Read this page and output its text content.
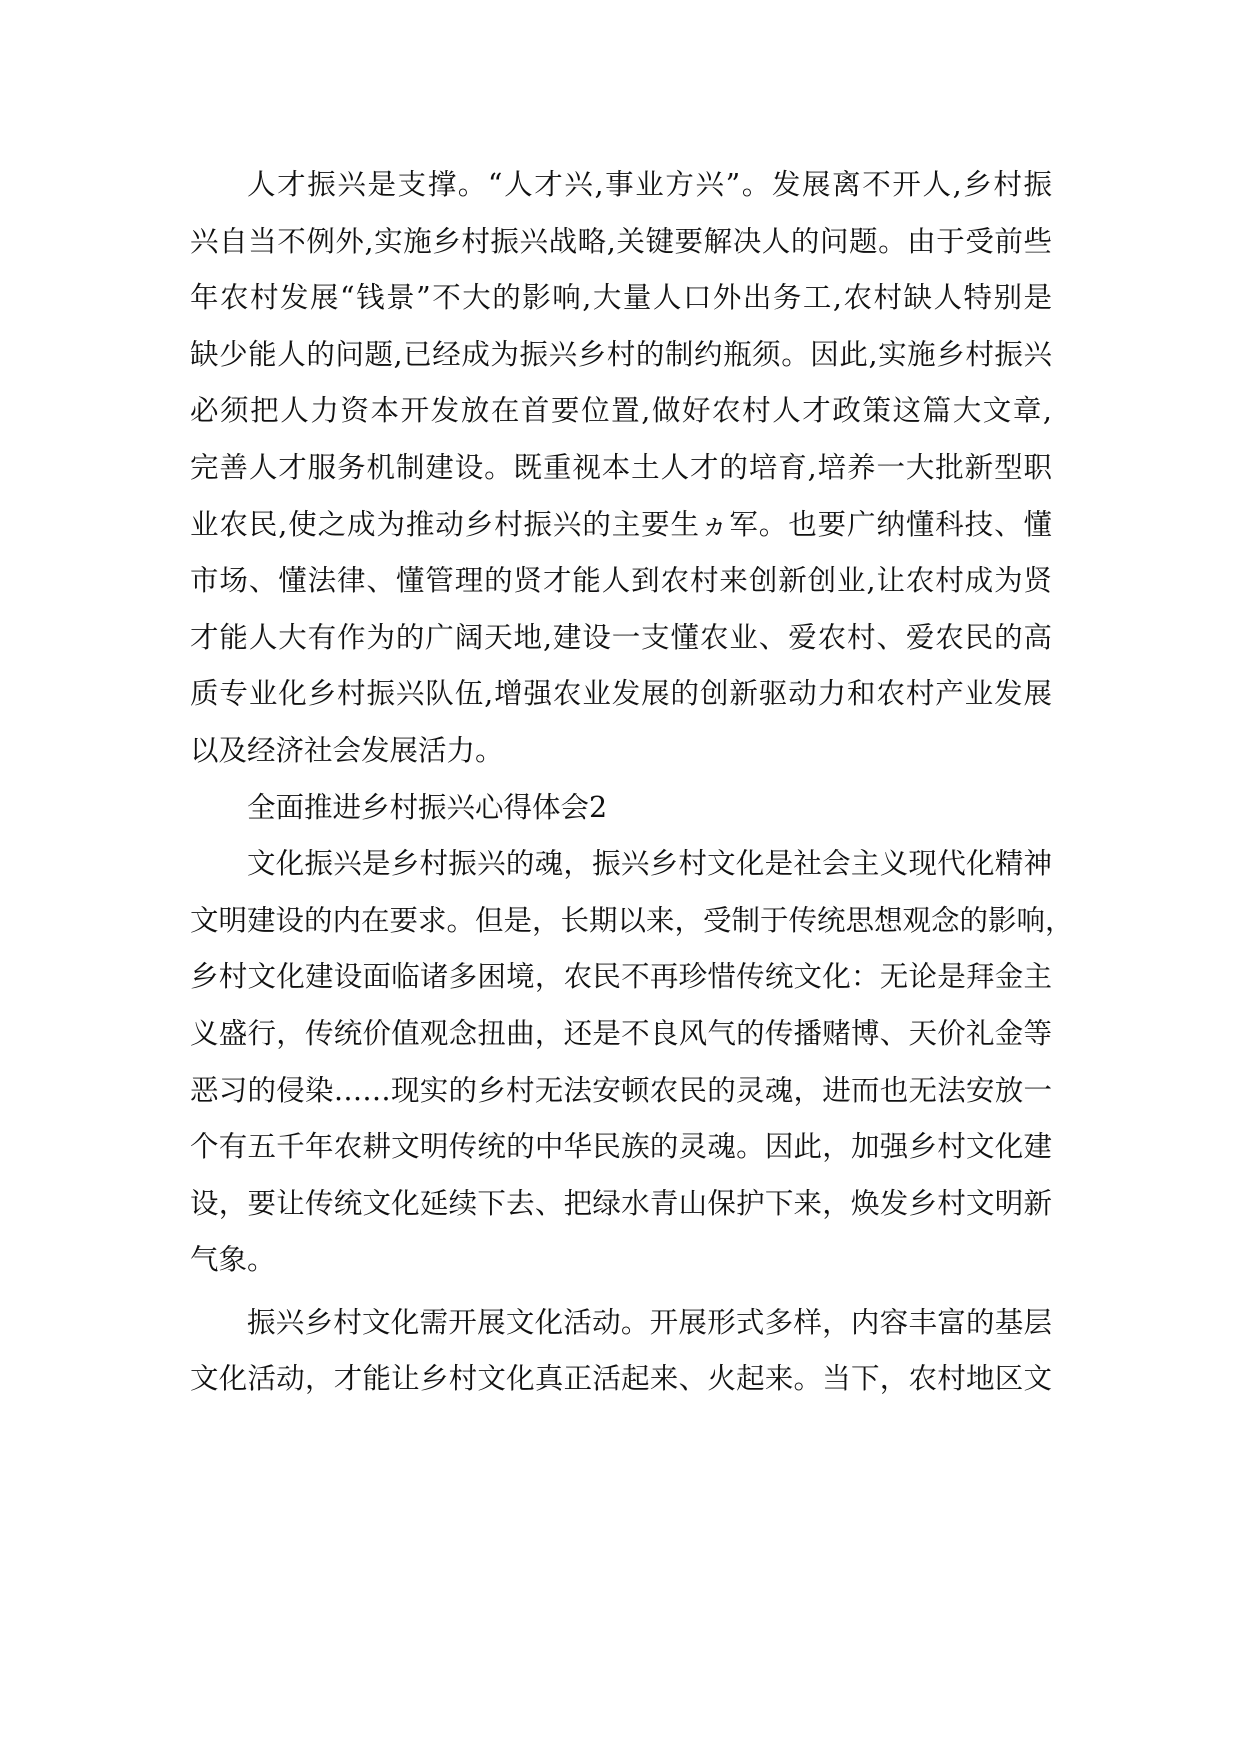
人才振兴是支撑。“人才兴,事业方兴”。发展离不开人,乡村振
兴自当不例外,实施乡村振兴战略,关键要解决人的问题。由于受前些
年农村发展“钱景”不大的影响,大量人口外出务工,农村缺人特别是
缺少能人的问题,已经成为振兴乡村的制约瓶须。因此,实施乡村振兴
必须把人力资本开发放在首要位置,做好农村人才政策这篇大文章,
完善人才服务机制建设。既重视本土人才的培育,培养一大批新型职
业农民,使之成为推动乡村振兴的主要生ヵ军。也要广纳懂科技、懂
市场、懂法律、懂管理的贤才能人到农村来创新创业,让农村成为贤
才能人大有作为的广阔天地,建设一支懂农业、爱农村、爱农民的高
质专业化乡村振兴队伍,增强农业发展的创新驱动力和农村产业发展
以及经济社会发展活力。
全面推进乡村振兴心得体会2
文化振兴是乡村振兴的魂，振兴乡村文化是社会主义现代化精神
文明建设的内在要求。但是，长期以来，受制于传统思想观念的影响，
乡村文化建设面临诸多困境，农民不再珍惜传统文化：无论是拜金主
义盛行，传统价值观念扭曲，还是不良风气的传播赌博、天价礼金等
恶习的侵染……现实的乡村无法安顿农民的灵魂，进而也无法安放一
个有五千年农耕文明传统的中华民族的灵魂。因此，加强乡村文化建
设，要让传统文化延续下去、把绿水青山保护下来，焕发乡村文明新
气象。
振兴乡村文化需开展文化活动。开展形式多样，内容丰富的基层
文化活动，才能让乡村文化真正活起来、火起来。当下，农村地区文
